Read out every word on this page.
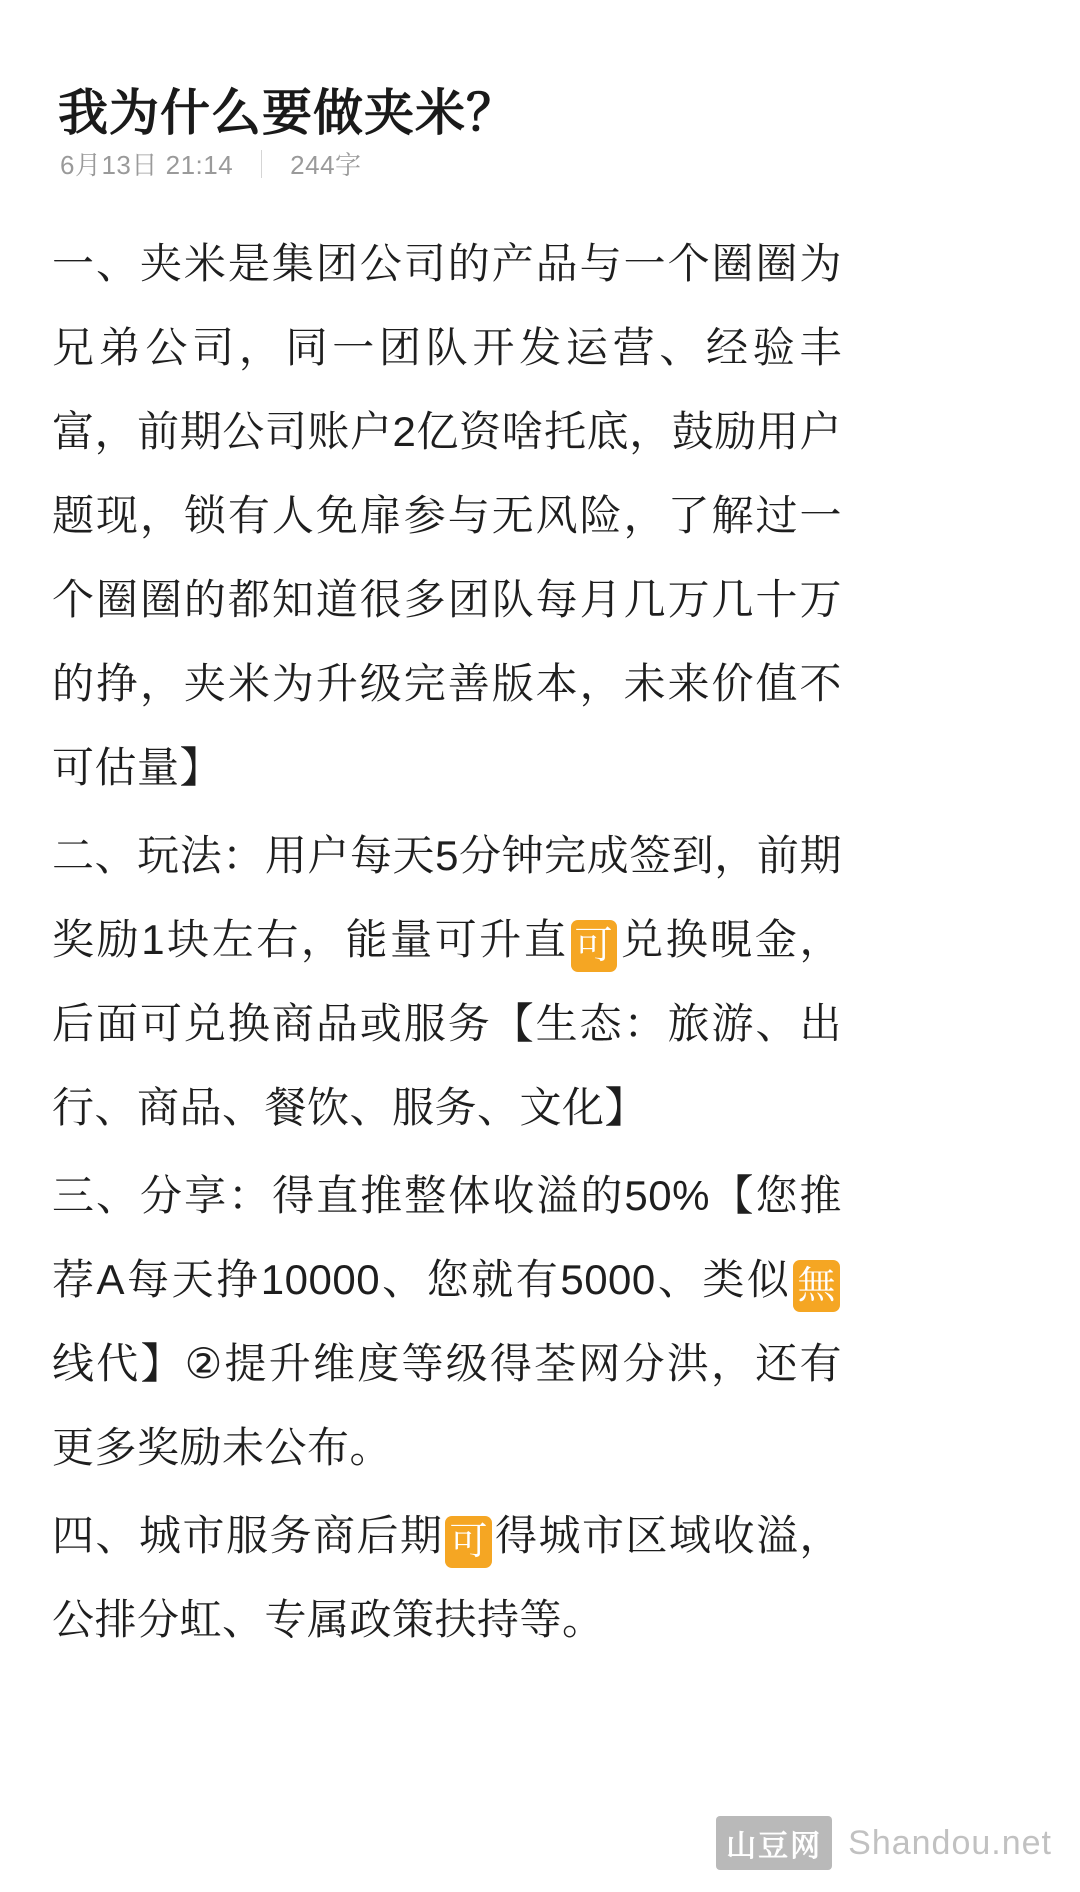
我为什么要做夹米？
6月13日 21:14 244字

一、夹米是集团公司的产品与一个圈圈为兄弟公司，同一团队开发运营、经验丰富，前期公司账户2亿资啥托底，鼓励用户题现，锁有人免扉参与无风险，了解过一个圈圈的都知道很多团队每月几万几十万的挣，夹米为升级完善版本，未来价值不可估量】

二、玩法：用户每天5分钟完成签到，前期奖励1块左右，能量可升直 可 兑换晛金，后面可兑换商品或服务【生态：旅游、出行、商品、餐饮、服务、文化】

三、分享：得直推整体收溢的50%【您推荐A每天挣10000、您就有5000、类似 無线代】②提升维度等级得荃网分洪，还有更多奖励未公布。

四、城市服务商后期 可 得城市区域收溢，公排分虹、专属政策扶持等。

山豆网 Shandou.net
